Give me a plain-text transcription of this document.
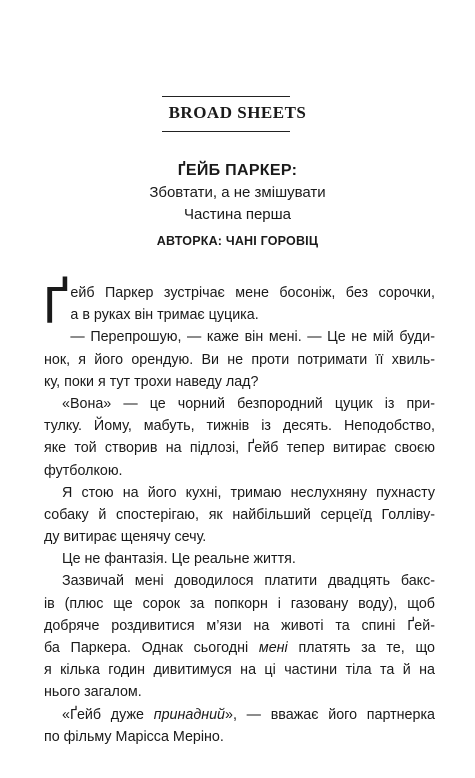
BROAD SHEETS
ҐЕЙБ ПАРКЕР:
Збовтати, а не змішувати
Частина перша
АВТОРКА: ЧАНІ ГОРОВІЦ
Ґ ейб Паркер зустрічає мене босоніж, без сорочки,
а в руках він тримає цуцика.
— Перепрошую, — каже він мені. — Це не мій буди-
нок, я його орендую. Ви не проти потримати її хвиль-
ку, поки я тут трохи наведу лад?
«Вона» — це чорний безпородний цуцик із при-
тулку. Йому, мабуть, тижнів із десять. Неподобство,
яке той створив на підлозі, Ґейб тепер витирає своєю
футболкою.
Я стою на його кухні, тримаю неслухняну пухнасту
собаку й спостерігаю, як найбільший серцеїд Голліву-
ду витирає щенячу сечу.
Це не фантазія. Це реальне життя.
Зазвичай мені доводилося платити двадцять бакс-
ів (плюс ще сорок за попкорн і газовану воду), щоб
добряче роздивитися м’язи на животі та спині Ґей-
ба Паркера. Однак сьогодні мені платять за те, що
я кілька годин дивитимуся на ці частини тіла та й на
нього загалом.
«Ґейб дуже принадний», — вважає його партнерка
по фільму Марісса Меріно.
